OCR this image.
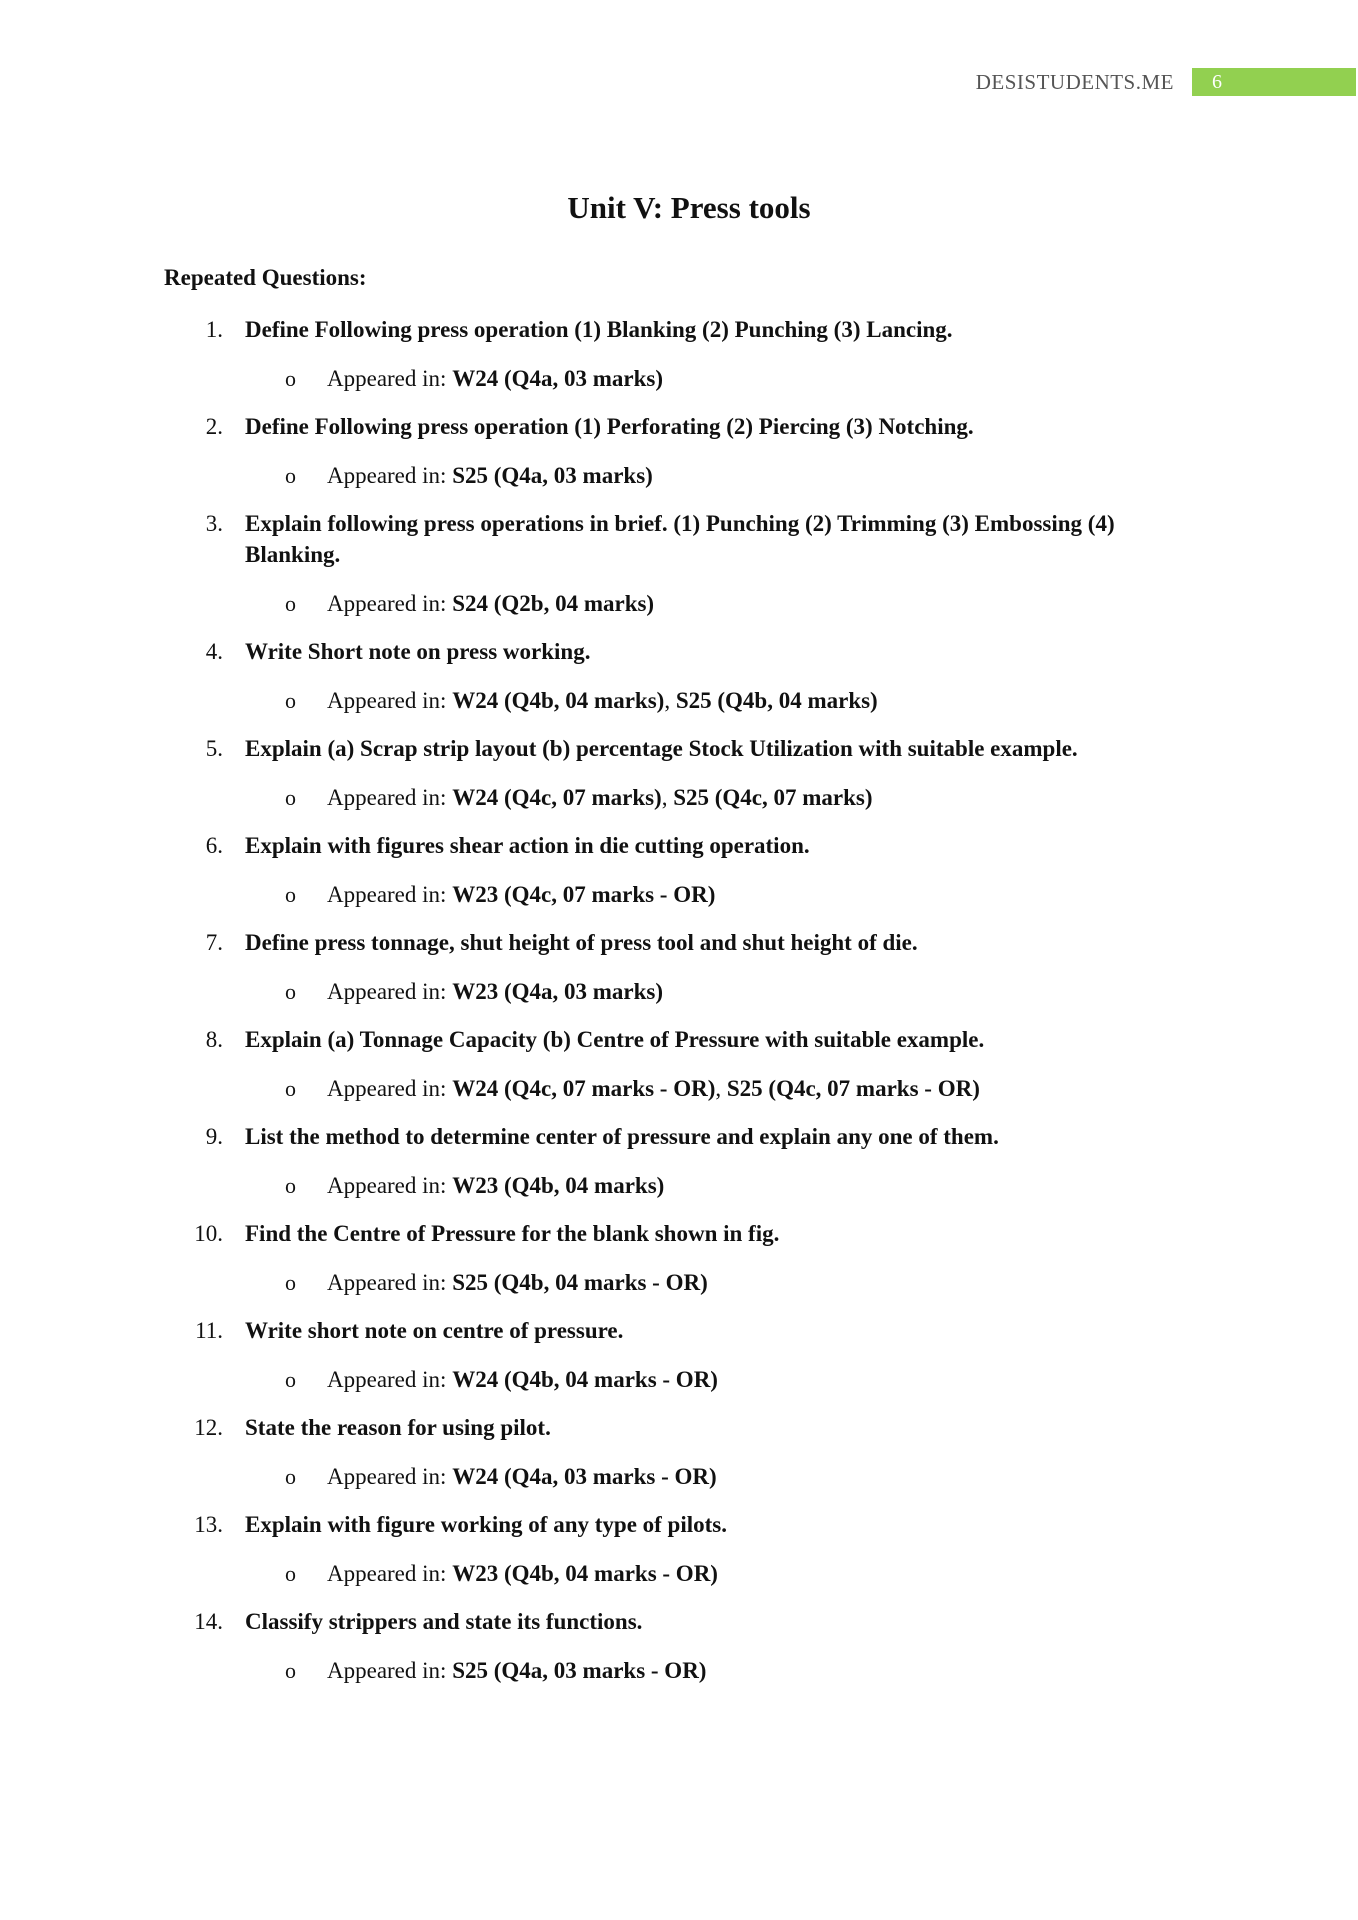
DESISTUDENTS.ME	6
Unit V: Press tools
Repeated Questions:
1. Define Following press operation (1) Blanking (2) Punching (3) Lancing.
o Appeared in: W24 (Q4a, 03 marks)
2. Define Following press operation (1) Perforating (2) Piercing (3) Notching.
o Appeared in: S25 (Q4a, 03 marks)
3. Explain following press operations in brief. (1) Punching (2) Trimming (3) Embossing (4) Blanking.
o Appeared in: S24 (Q2b, 04 marks)
4. Write Short note on press working.
o Appeared in: W24 (Q4b, 04 marks), S25 (Q4b, 04 marks)
5. Explain (a) Scrap strip layout (b) percentage Stock Utilization with suitable example.
o Appeared in: W24 (Q4c, 07 marks), S25 (Q4c, 07 marks)
6. Explain with figures shear action in die cutting operation.
o Appeared in: W23 (Q4c, 07 marks - OR)
7. Define press tonnage, shut height of press tool and shut height of die.
o Appeared in: W23 (Q4a, 03 marks)
8. Explain (a) Tonnage Capacity (b) Centre of Pressure with suitable example.
o Appeared in: W24 (Q4c, 07 marks - OR), S25 (Q4c, 07 marks - OR)
9. List the method to determine center of pressure and explain any one of them.
o Appeared in: W23 (Q4b, 04 marks)
10. Find the Centre of Pressure for the blank shown in fig.
o Appeared in: S25 (Q4b, 04 marks - OR)
11. Write short note on centre of pressure.
o Appeared in: W24 (Q4b, 04 marks - OR)
12. State the reason for using pilot.
o Appeared in: W24 (Q4a, 03 marks - OR)
13. Explain with figure working of any type of pilots.
o Appeared in: W23 (Q4b, 04 marks - OR)
14. Classify strippers and state its functions.
o Appeared in: S25 (Q4a, 03 marks - OR)
